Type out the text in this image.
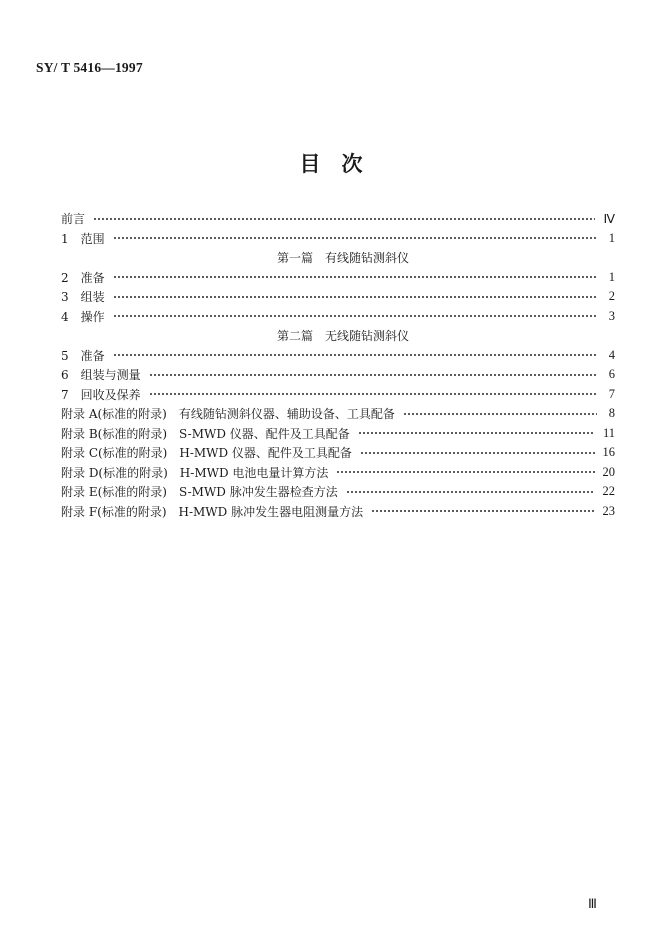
SY/ T 5416—1997
目　次
前言	Ⅳ
1　范围	1
第一篇　有线随钻测斜仪
2　准备	1
3　组装	2
4　操作	3
第二篇　无线随钻测斜仪
5　准备	4
6　组装与测量	6
7　回收及保养	7
附录 A(标准的附录)　有线随钻测斜仪器、辅助设备、工具配备	8
附录 B(标准的附录)　S-MWD 仪器、配件及工具配备	11
附录 C(标准的附录)　H-MWD 仪器、配件及工具配备	16
附录 D(标准的附录)　H-MWD 电池电量计算方法	20
附录 E(标准的附录)　S-MWD 脉冲发生器检查方法	22
附录 F(标准的附录)　H-MWD 脉冲发生器电阻测量方法	23
Ⅲ
